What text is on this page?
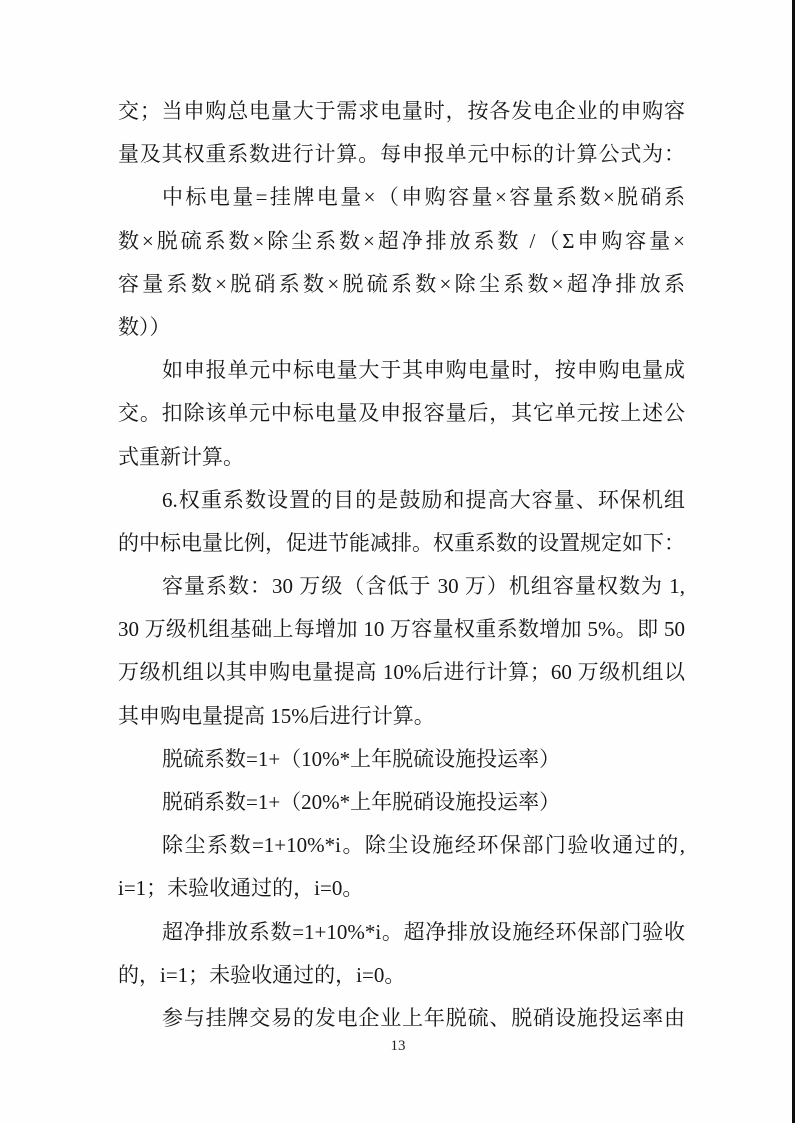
交；当申购总电量大于需求电量时，按各发电企业的申购容
量及其权重系数进行计算。每申报单元中标的计算公式为：
中标电量=挂牌电量×（申购容量×容量系数×脱硝系
数×脱硫系数×除尘系数×超净排放系数 /（Σ申购容量×
容量系数×脱硝系数×脱硫系数×除尘系数×超净排放系
数））
如申报单元中标电量大于其申购电量时，按申购电量成
交。扣除该单元中标电量及申报容量后，其它单元按上述公
式重新计算。
6.权重系数设置的目的是鼓励和提高大容量、环保机组
的中标电量比例，促进节能减排。权重系数的设置规定如下：
容量系数：30 万级（含低于 30 万）机组容量权数为 1,
30 万级机组基础上每增加 10 万容量权重系数增加 5%。即 50
万级机组以其申购电量提高 10%后进行计算；60 万级机组以
其申购电量提高 15%后进行计算。
脱硫系数=1+（10%*上年脱硫设施投运率）
脱硝系数=1+（20%*上年脱硝设施投运率）
除尘系数=1+10%*i。除尘设施经环保部门验收通过的,
i=1；未验收通过的，i=0。
超净排放系数=1+10%*i。超净排放设施经环保部门验收
的，i=1；未验收通过的，i=0。
参与挂牌交易的发电企业上年脱硫、脱硝设施投运率由
13
